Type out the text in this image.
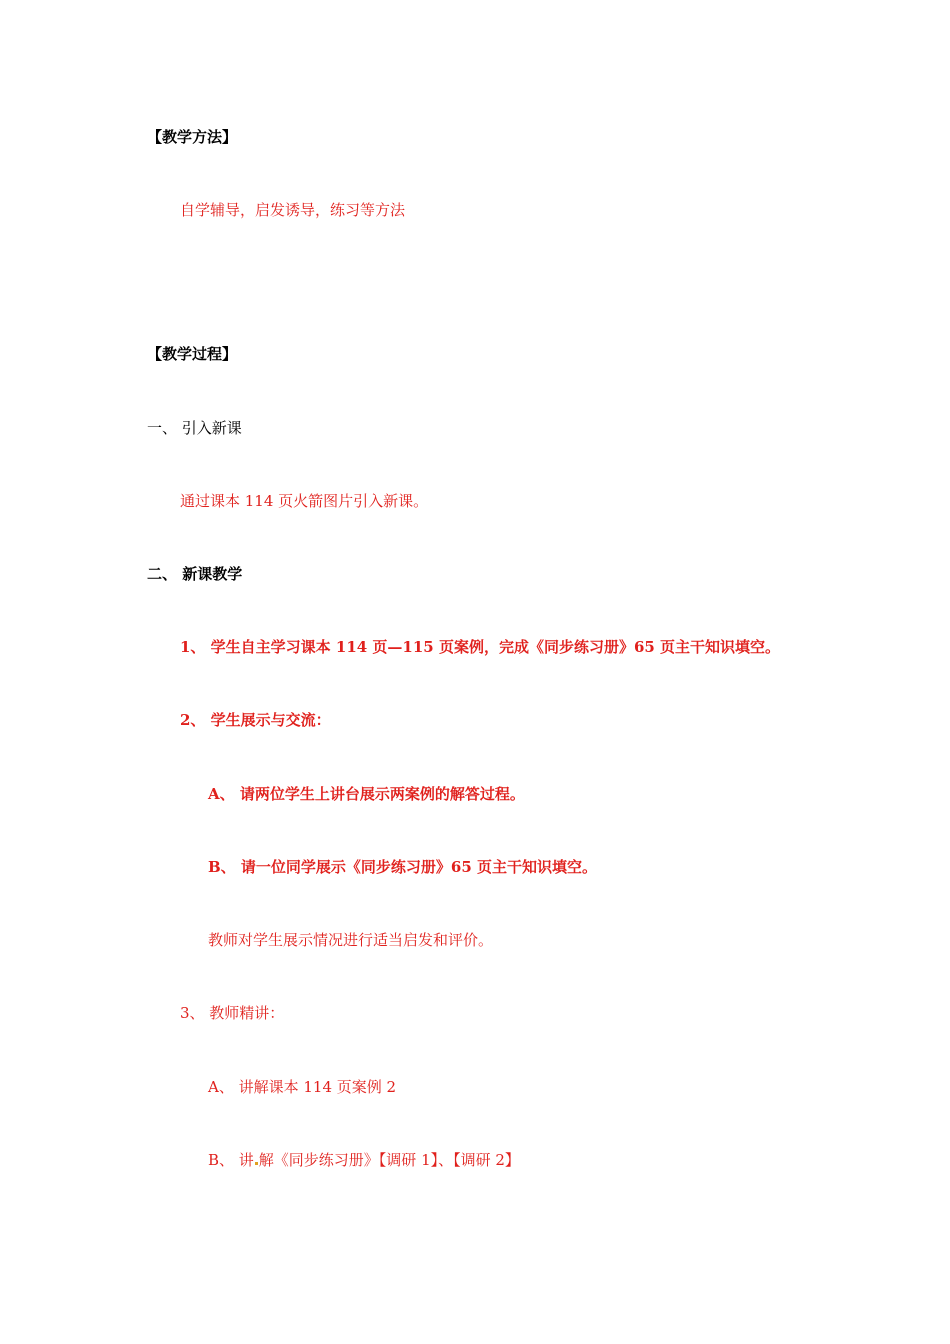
【教学方法】
自学辅导，启发诱导，练习等方法
【教学过程】
一、 引入新课
通过课本 114 页火箭图片引入新课。
二、 新课教学
1、 学生自主学习课本 114 页—115 页案例，完成《同步练习册》65 页主干知识填空。
2、 学生展示与交流：
A、 请两位学生上讲台展示两案例的解答过程。
B、 请一位同学展示《同步练习册》65 页主干知识填空。
教师对学生展示情况进行适当启发和评价。
3、 教师精讲：
A、 讲解课本 114 页案例 2
B、 讲 解《同步练习册》【调研 1】、【调研 2】
